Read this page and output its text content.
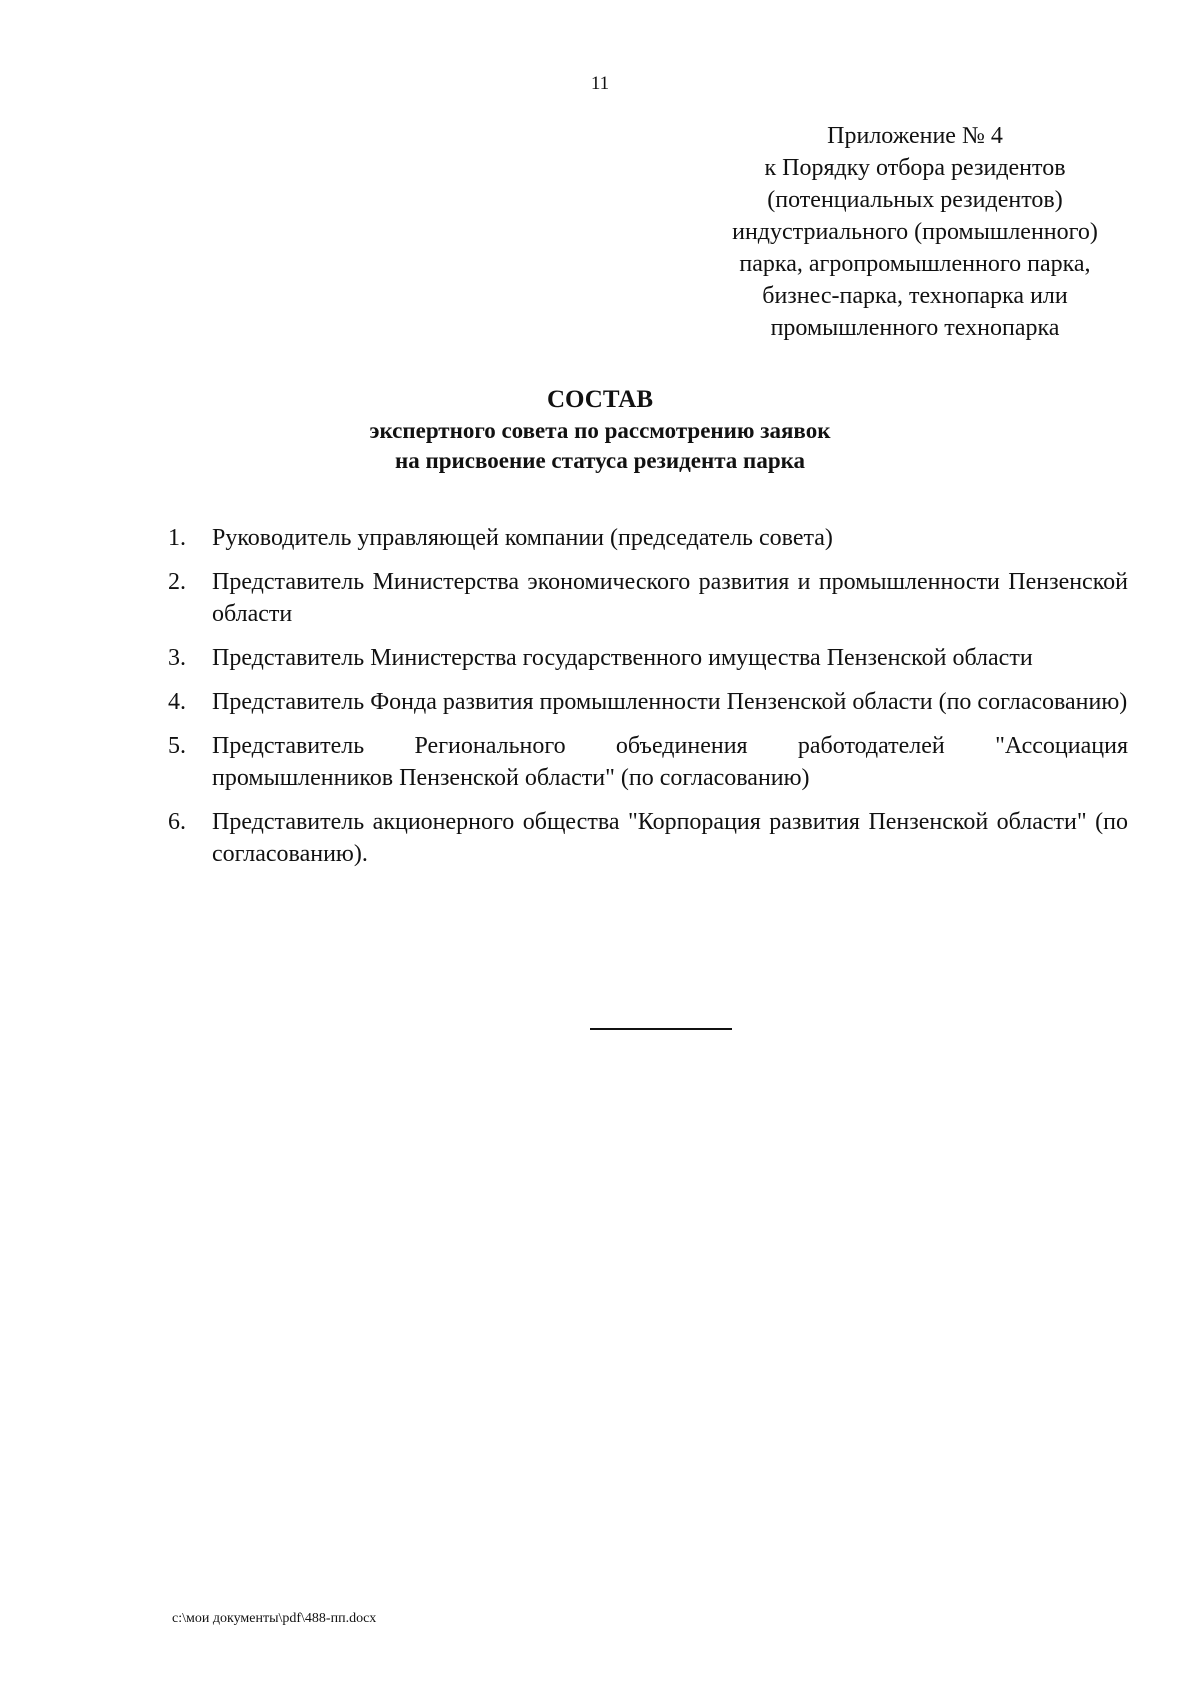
11
Приложение № 4
к Порядку отбора резидентов
(потенциальных резидентов)
индустриального (промышленного)
парка, агропромышленного парка,
бизнес-парка, технопарка или
промышленного технопарка
СОСТАВ
экспертного совета по рассмотрению заявок
на присвоение статуса резидента парка
1.	Руководитель управляющей компании (председатель совета)
2.	Представитель Министерства экономического развития и промышленности Пензенской области
3.	Представитель Министерства государственного имущества Пензенской области
4.	Представитель Фонда развития промышленности Пензенской области (по согласованию)
5.	Представитель Регионального объединения работодателей "Ассоциация промышленников Пензенской области" (по согласованию)
6.	Представитель акционерного общества "Корпорация развития Пензенской области" (по согласованию).
c:\мои документы\pdf\488-пп.docx
